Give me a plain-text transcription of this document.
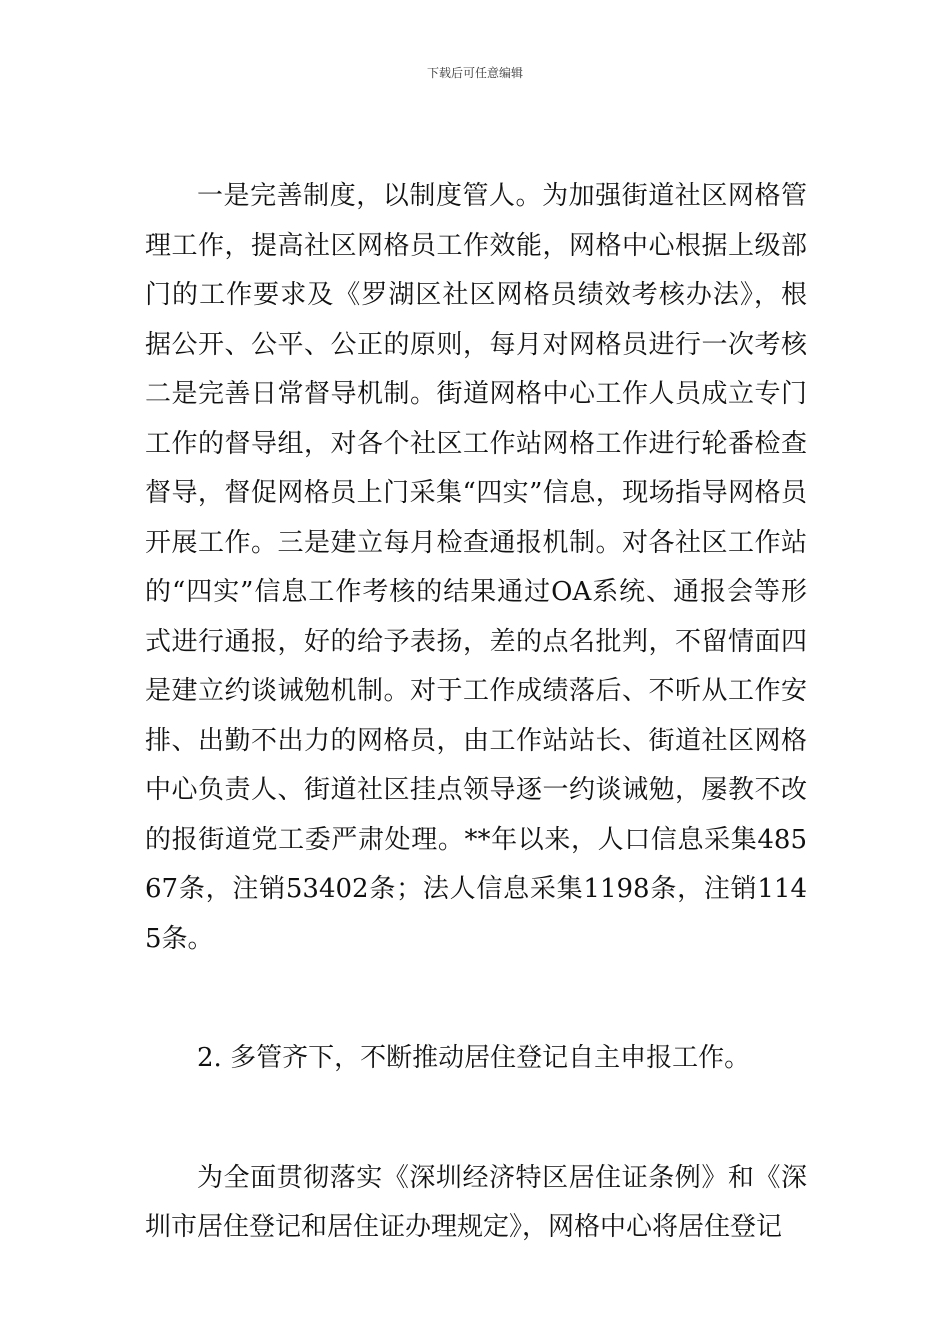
下载后可任意编辑

一是完善制度，以制度管人。为加强街道社区网格管理工作，提高社区网格员工作效能，网格中心根据上级部门的工作要求及《罗湖区社区网格员绩效考核办法》，根据公开、公平、公正的原则，每月对网格员进行一次考核二是完善日常督导机制。街道网格中心工作人员成立专门工作的督导组，对各个社区工作站网格工作进行轮番检查督导，督促网格员上门采集“四实”信息，现场指导网格员开展工作。三是建立每月检查通报机制。对各社区工作站的“四实”信息工作考核的结果通过OA系统、通报会等形式进行通报，好的给予表扬，差的点名批判，不留情面四是建立约谈诫勉机制。对于工作成绩落后、不听从工作安排、出勤不出力的网格员，由工作站站长、街道社区网格中心负责人、街道社区挂点领导逐一约谈诫勉，屡教不改的报街道党工委严肃处理。**年以来，人口信息采集48567条，注销53402条；法人信息采集1198条，注销1145条。

2. 多管齐下，不断推动居住登记自主申报工作。

为全面贯彻落实《深圳经济特区居住证条例》和《深圳市居住登记和居住证办理规定》，网格中心将居住登记
